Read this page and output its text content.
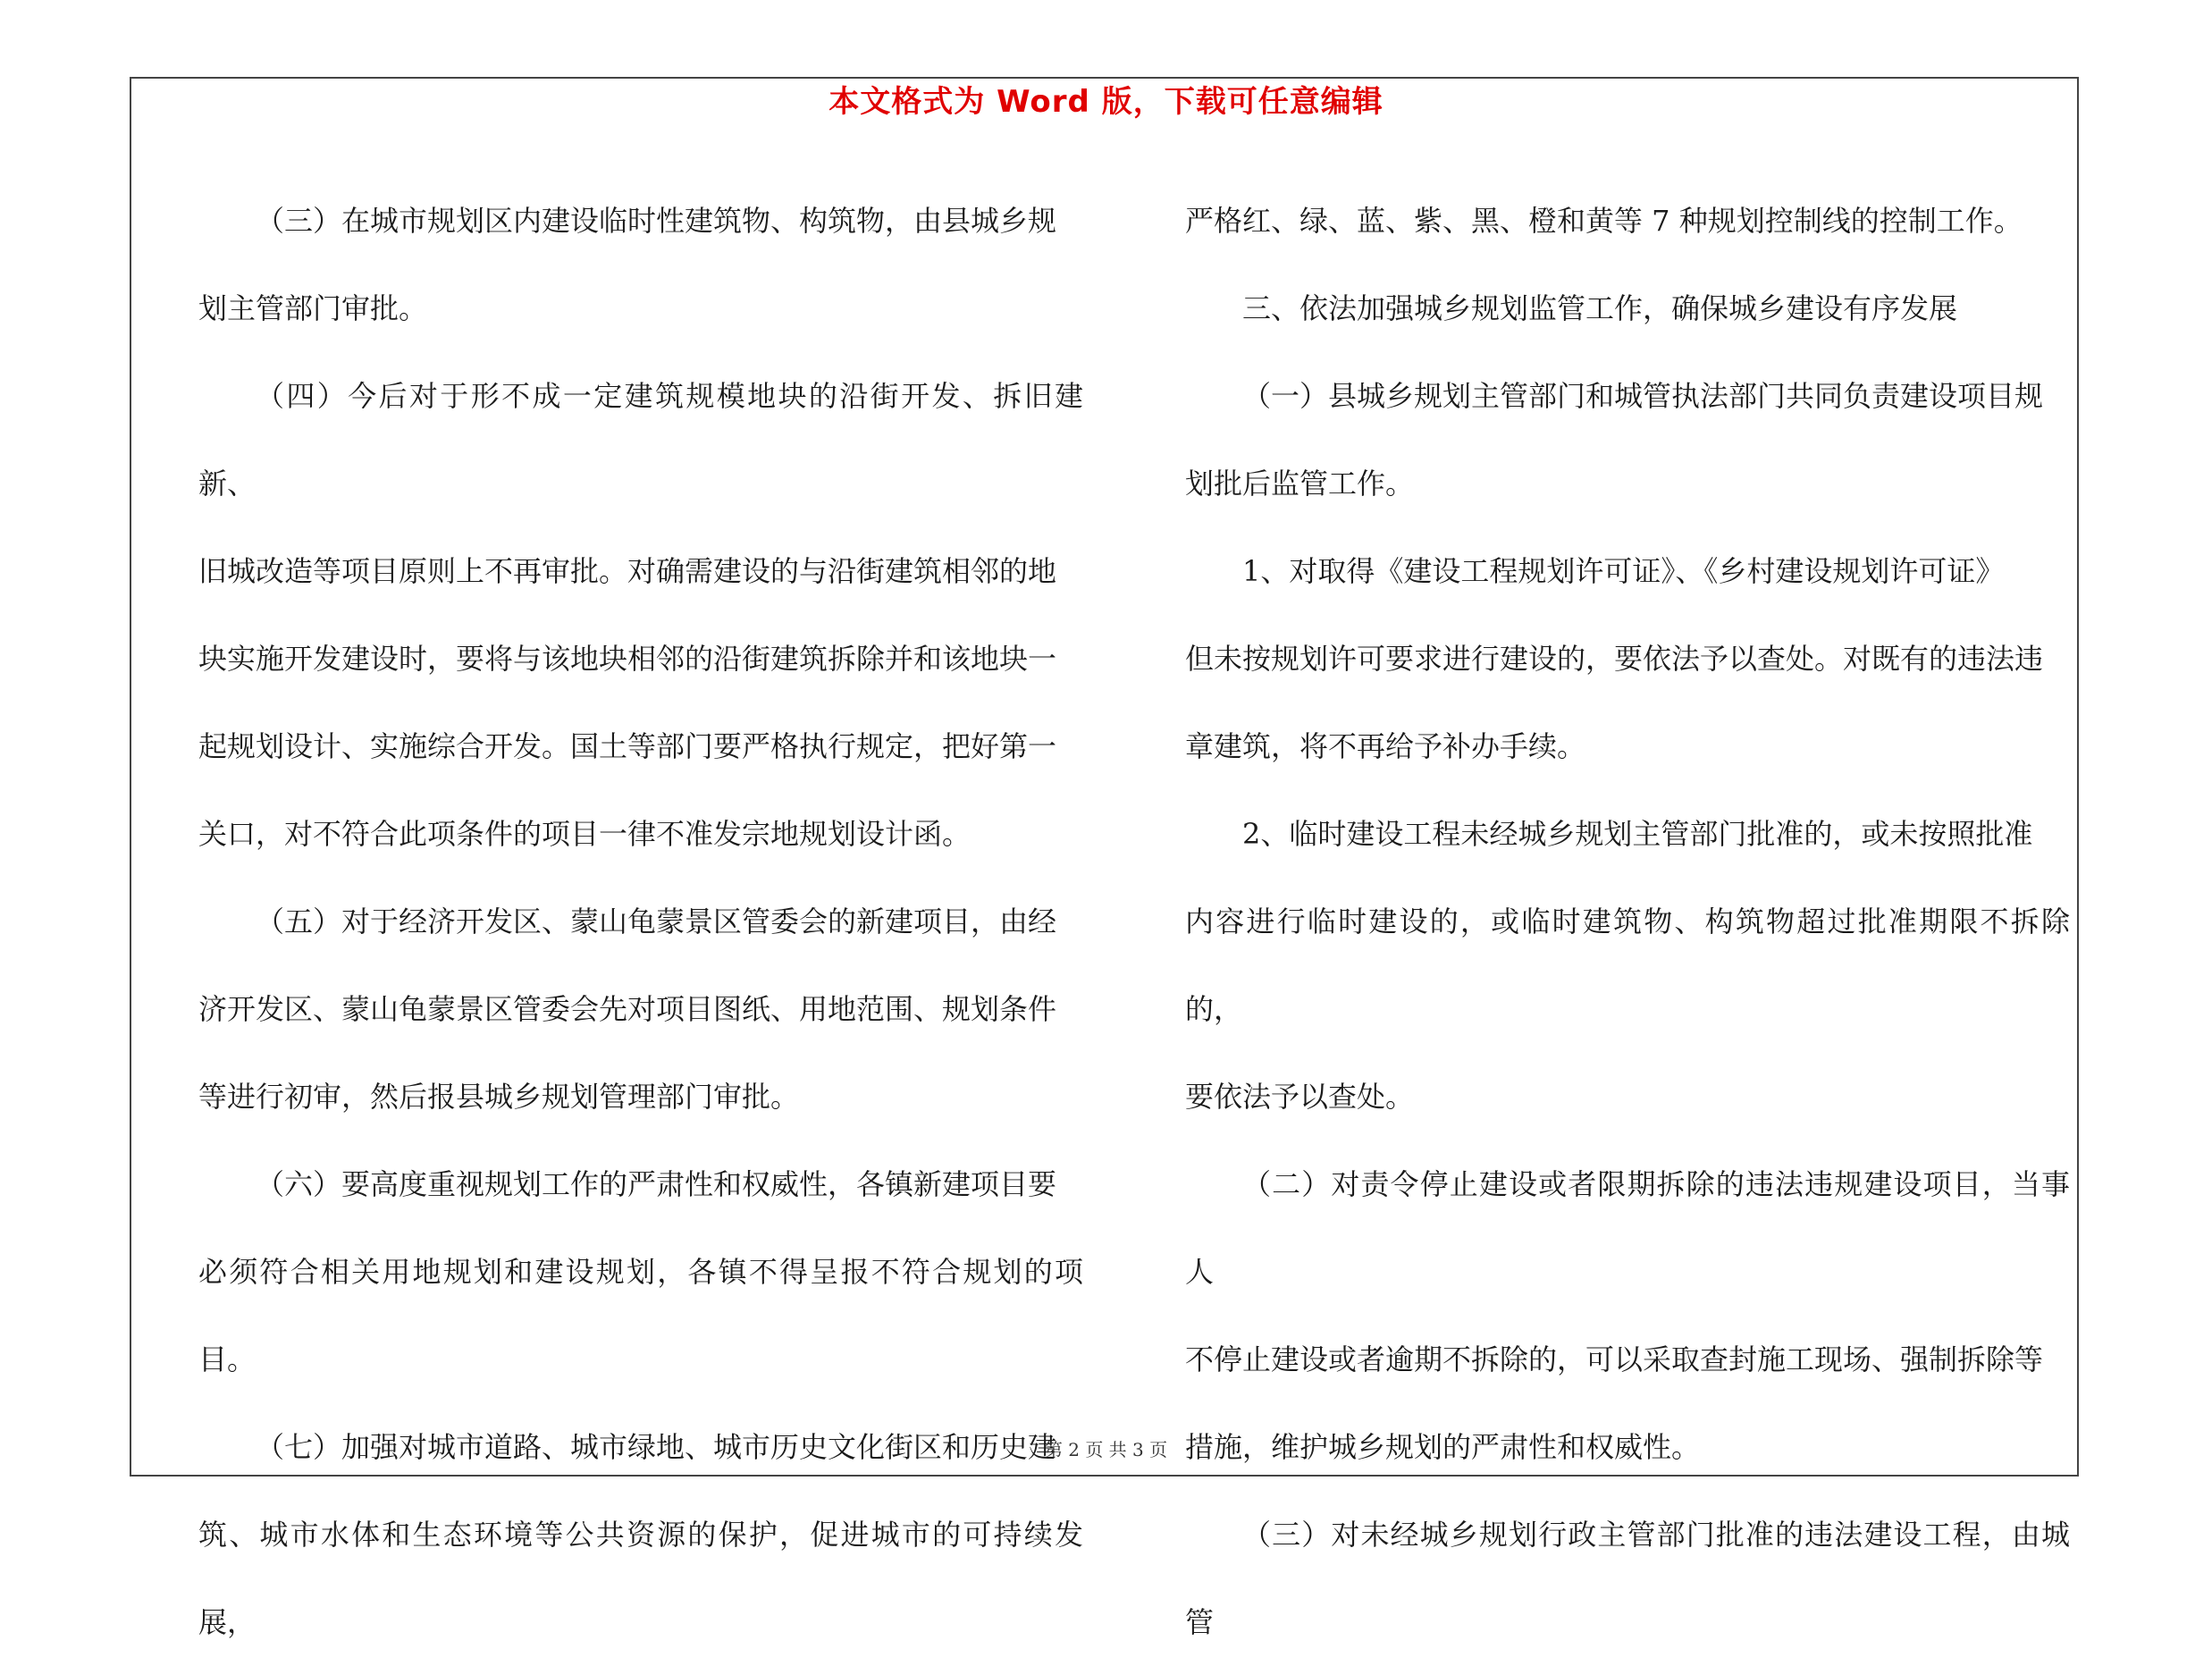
本文格式为 Word 版，下载可任意编辑

（三）在城市规划区内建设临时性建筑物、构筑物，由县城乡规

划主管部门审批。

（四）今后对于形不成一定建筑规模地块的沿街开发、拆旧建新、

旧城改造等项目原则上不再审批。对确需建设的与沿街建筑相邻的地

块实施开发建设时，要将与该地块相邻的沿街建筑拆除并和该地块一

起规划设计、实施综合开发。国土等部门要严格执行规定，把好第一

关口，对不符合此项条件的项目一律不准发宗地规划设计函。

（五）对于经济开发区、蒙山龟蒙景区管委会的新建项目，由经

济开发区、蒙山龟蒙景区管委会先对项目图纸、用地范围、规划条件

等进行初审，然后报县城乡规划管理部门审批。

（六）要高度重视规划工作的严肃性和权威性，各镇新建项目要

必须符合相关用地规划和建设规划，各镇不得呈报不符合规划的项目。

（七）加强对城市道路、城市绿地、城市历史文化街区和历史建

筑、城市水体和生态环境等公共资源的保护，促进城市的可持续发展，

严格红、绿、蓝、紫、黑、橙和黄等 7 种规划控制线的控制工作。

三、依法加强城乡规划监管工作，确保城乡建设有序发展

（一）县城乡规划主管部门和城管执法部门共同负责建设项目规

划批后监管工作。

1、对取得《建设工程规划许可证》、《乡村建设规划许可证》

但未按规划许可要求进行建设的，要依法予以查处。对既有的违法违

章建筑，将不再给予补办手续。

2、临时建设工程未经城乡规划主管部门批准的，或未按照批准

内容进行临时建设的，或临时建筑物、构筑物超过批准期限不拆除的，

要依法予以查处。

（二）对责令停止建设或者限期拆除的违法违规建设项目，当事人

不停止建设或者逾期不拆除的，可以采取查封施工现场、强制拆除等

措施，维护城乡规划的严肃性和权威性。

（三）对未经城乡规划行政主管部门批准的违法建设工程，由城管

第 2 页 共 3 页
